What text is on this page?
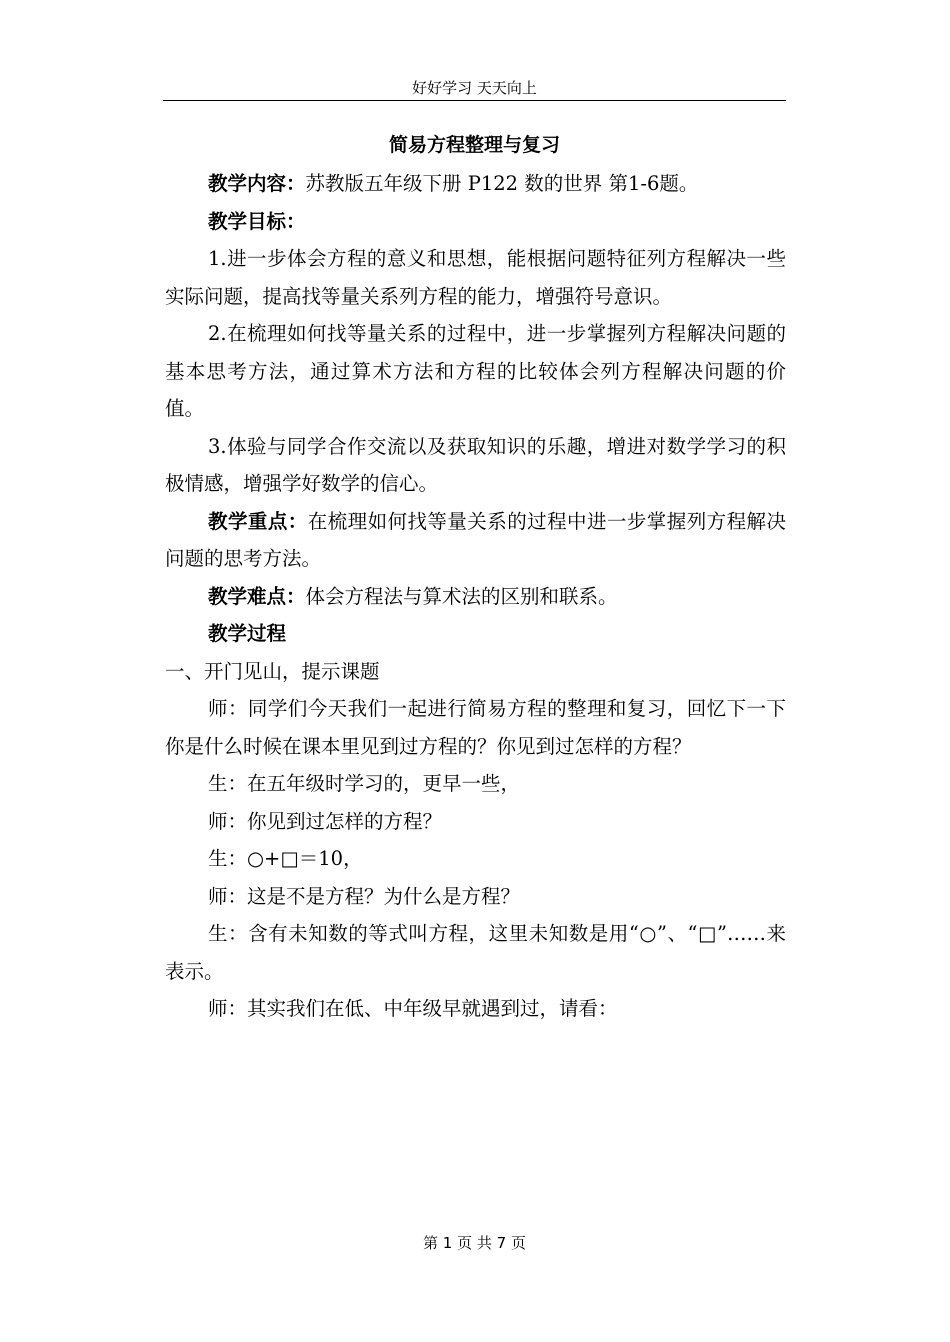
好好学习 天天向上
简易方程整理与复习

教学内容：苏教版五年级下册 P122 数的世界 第1-6题。

教学目标：

1.进一步体会方程的意义和思想，能根据问题特征列方程解决一些实际问题，提高找等量关系列方程的能力，增强符号意识。

2.在梳理如何找等量关系的过程中，进一步掌握列方程解决问题的基本思考方法，通过算术方法和方程的比较体会列方程解决问题的价值。

3.体验与同学合作交流以及获取知识的乐趣，增进对数学学习的积极情感，增强学好数学的信心。

教学重点：在梳理如何找等量关系的过程中进一步掌握列方程解决问题的思考方法。

教学难点：体会方程法与算术法的区别和联系。

教学过程

一、开门见山，提示课题

师：同学们今天我们一起进行简易方程的整理和复习，回忆下一下你是什么时候在课本里见到过方程的？你见到过怎样的方程？

生：在五年级时学习的，更早一些，

师：你见到过怎样的方程？

生：○+□＝10，

师：这是不是方程？为什么是方程？

生：含有未知数的等式叫方程，这里未知数是用“○”、“□”……来表示。

师：其实我们在低、中年级早就遇到过，请看：

第 1 页 共 7 页
